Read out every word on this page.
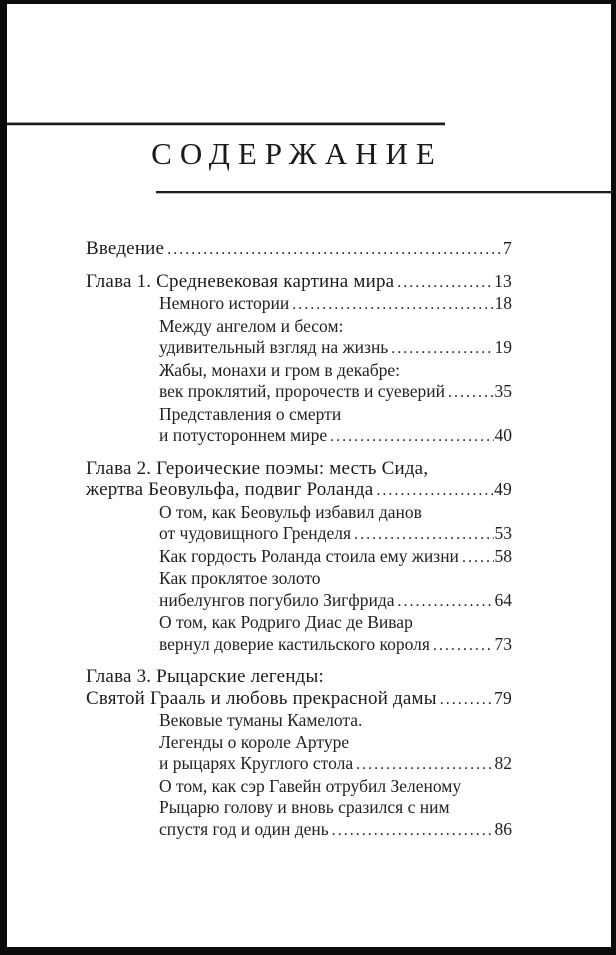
СОДЕРЖАНИЕ
Введение .....	7
Глава 1. Средневековая картина мира .....	13
Немного истории .....	18
Между ангелом и бесом:
удивительный взгляд на жизнь .....	19
Жабы, монахи и гром в декабре:
век проклятий, пророчеств и суеверий .....	35
Представления о смерти
и потустороннем мире .....	40
Глава 2. Героические поэмы: месть Сида,
жертва Беовульфа, подвиг Роланда .....	49
О том, как Беовульф избавил данов
от чудовищного Гренделя .....	53
Как гордость Роланда стоила ему жизни ..... 58
Как проклятое золото
нибелунгов погубило Зигфрида .....	64
О том, как Родриго Диас де Вивар
вернул доверие кастильского короля .....	73
Глава 3. Рыцарские легенды:
Святой Грааль и любовь прекрасной дамы .....	79
Вековые туманы Камелота.
Легенды о короле Артуре
и рыцарях Круглого стола .....	82
О том, как сэр Гавейн отрубил Зеленому
Рыцарю голову и вновь сразился с ним
спустя год и один день .....	86
